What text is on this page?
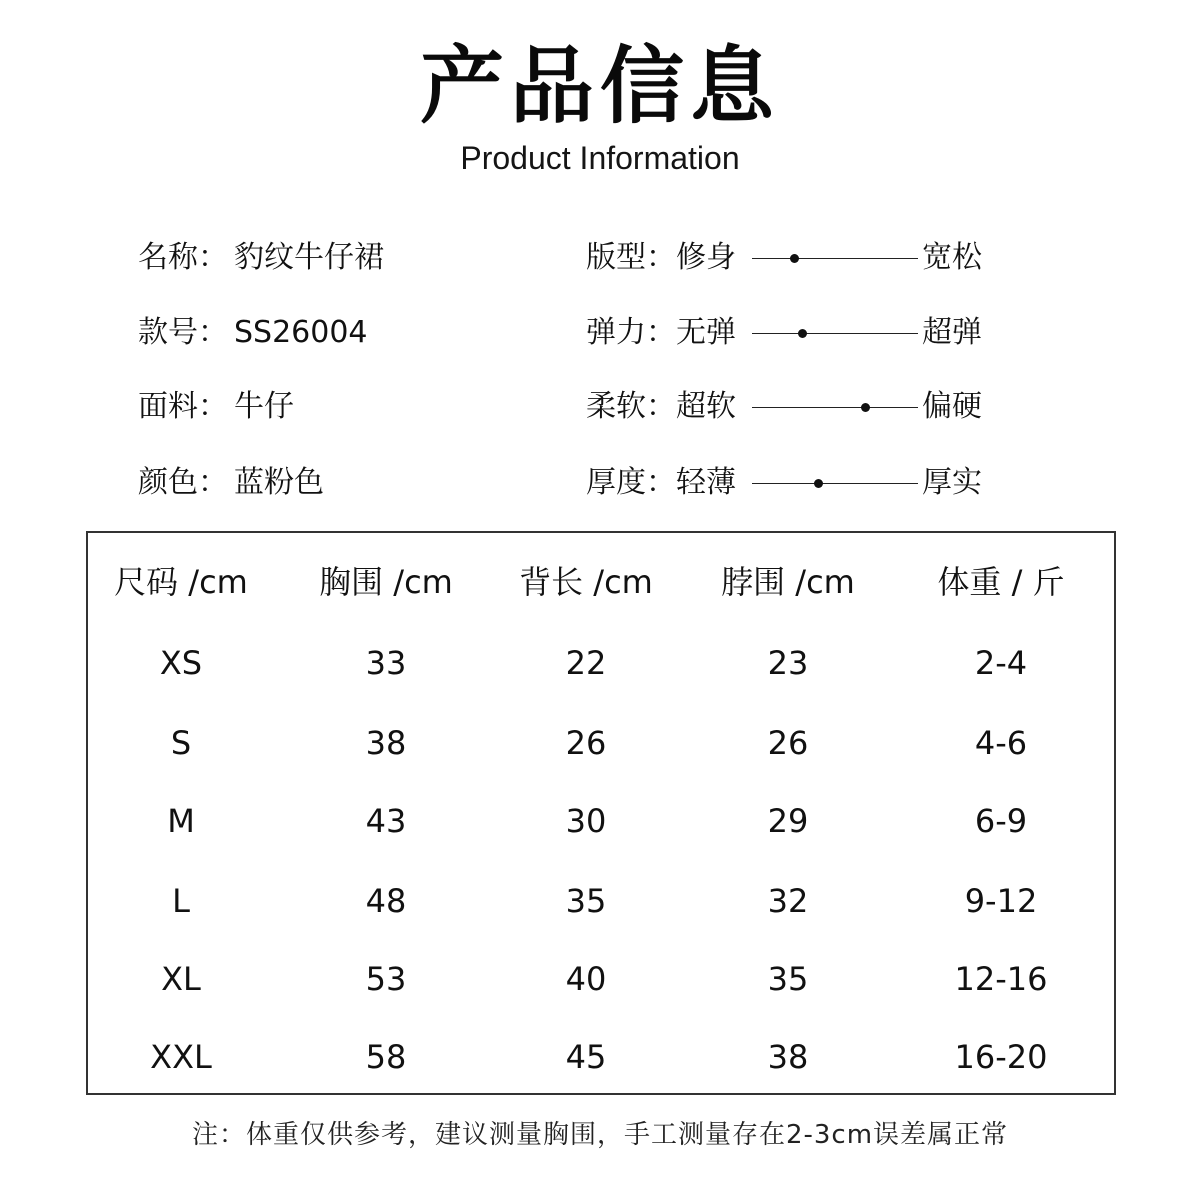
产品信息
Product Information
名称： 豹纹牛仔裙	版型：修身	宽松
款号： SS26004	弹力：无弹	超弹
面料： 牛仔	柔软：超软	偏硬
颜色： 蓝粉色	厚度：轻薄	厚实
尺码 /cm	胸围 /cm	背长 /cm	脖围 /cm	体重 / 斤
XS	33	22	23	2-4
S	38	26	26	4-6
M	43	30	29	6-9
L	48	35	32	9-12
XL	53	40	35	12-16
XXL	58	45	38	16-20
注：体重仅供参考，建议测量胸围，手工测量存在2-3cm误差属正常
